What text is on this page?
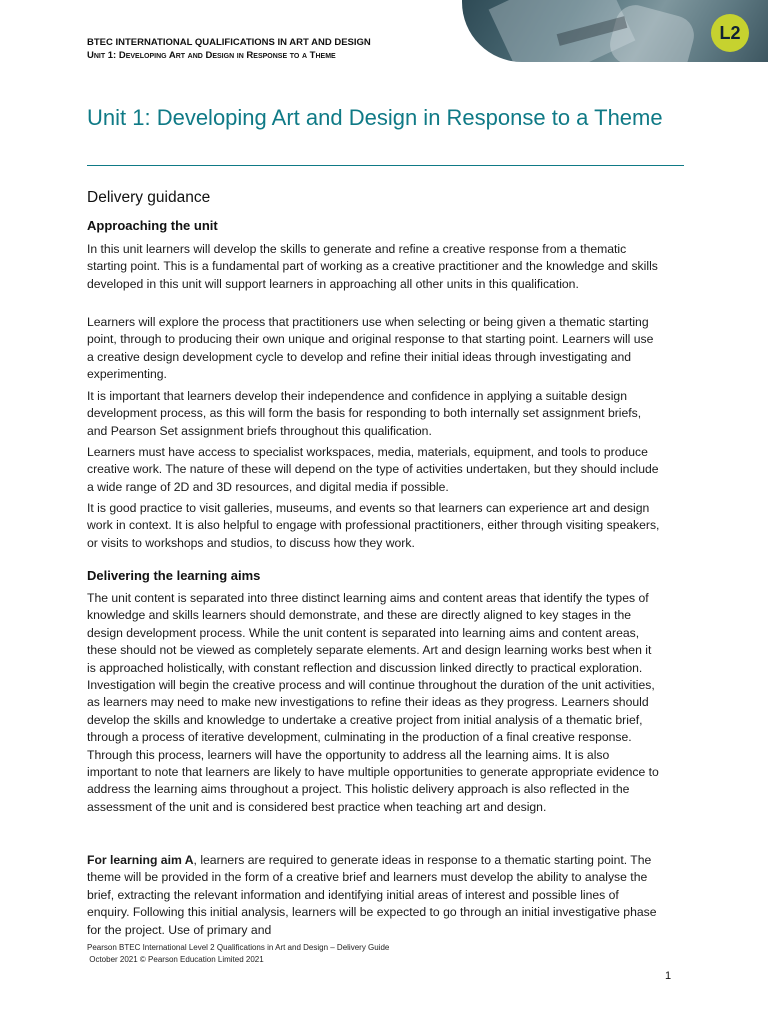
BTEC INTERNATIONAL QUALIFICATIONS IN ART AND DESIGN
Unit 1: Developing Art and Design in Response to a Theme
L2
Unit 1: Developing Art and Design in Response to a Theme
Delivery guidance
Approaching the unit

In this unit learners will develop the skills to generate and refine a creative response from a thematic starting point. This is a fundamental part of working as a creative practitioner and the knowledge and skills developed in this unit will support learners in approaching all other units in this qualification.

Learners will explore the process that practitioners use when selecting or being given a thematic starting point, through to producing their own unique and original response to that starting point. Learners will use a creative design development cycle to develop and refine their initial ideas through investigating and experimenting.

It is important that learners develop their independence and confidence in applying a suitable design development process, as this will form the basis for responding to both internally set assignment briefs, and Pearson Set assignment briefs throughout this qualification.

Learners must have access to specialist workspaces, media, materials, equipment, and tools to produce creative work. The nature of these will depend on the type of activities undertaken, but they should include a wide range of 2D and 3D resources, and digital media if possible.

It is good practice to visit galleries, museums, and events so that learners can experience art and design work in context. It is also helpful to engage with professional practitioners, either through visiting speakers, or visits to workshops and studios, to discuss how they work.

Delivering the learning aims

The unit content is separated into three distinct learning aims and content areas that identify the types of knowledge and skills learners should demonstrate, and these are directly aligned to key stages in the design development process. While the unit content is separated into learning aims and content areas, these should not be viewed as completely separate elements. Art and design learning works best when it is approached holistically, with constant reflection and discussion linked directly to practical exploration. Investigation will begin the creative process and will continue throughout the duration of the unit activities, as learners may need to make new investigations to refine their ideas as they progress. Learners should develop the skills and knowledge to undertake a creative project from initial analysis of a thematic brief, through a process of iterative development, culminating in the production of a final creative response. Through this process, learners will have the opportunity to address all the learning aims. It is also important to note that learners are likely to have multiple opportunities to generate appropriate evidence to address the learning aims throughout a project. This holistic delivery approach is also reflected in the assessment of the unit and is considered best practice when teaching art and design.

For learning aim A, learners are required to generate ideas in response to a thematic starting point. The theme will be provided in the form of a creative brief and learners must develop the ability to analyse the brief, extracting the relevant information and identifying initial areas of interest and possible lines of enquiry. Following this initial analysis, learners will be expected to go through an initial investigative phase for the project. Use of primary and

Pearson BTEC International Level 2 Qualifications in Art and Design – Delivery Guide
October 2021 © Pearson Education Limited 2021
1
